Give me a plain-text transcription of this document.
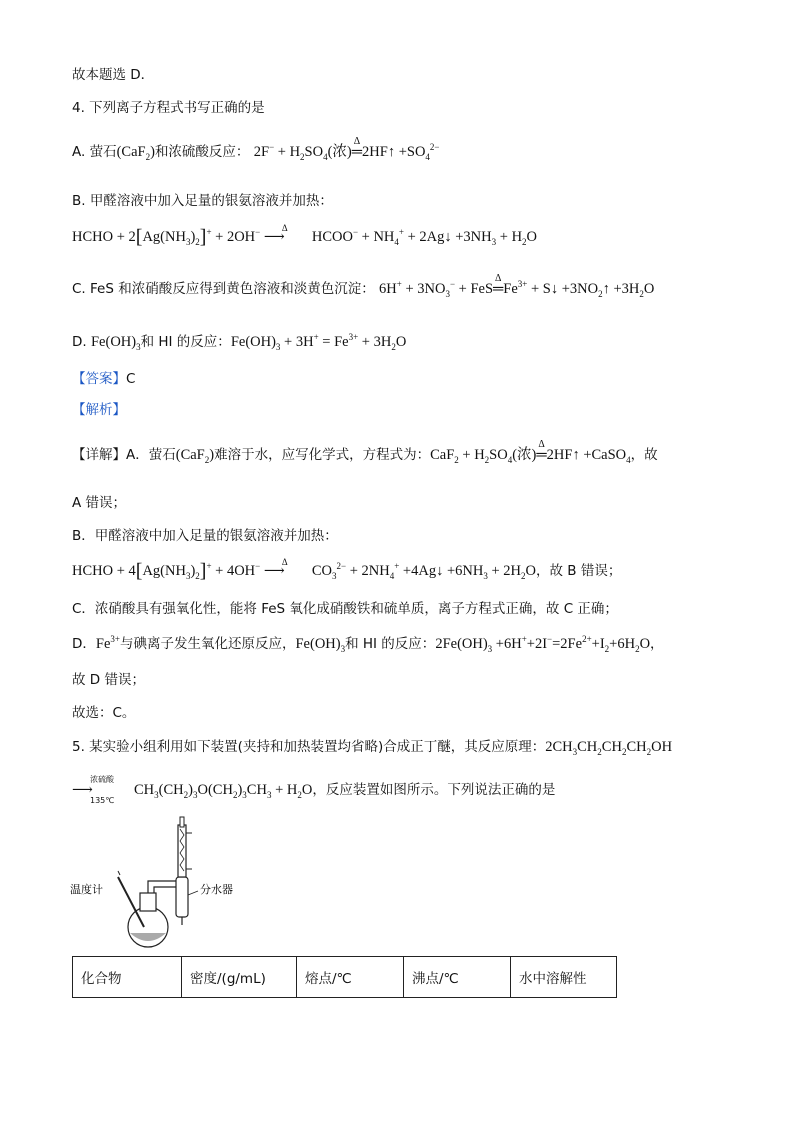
故本题选 D．
4. 下列离子方程式书写正确的是
A. 萤石(CaF$_2$)和浓硫酸反应： $2F^- + H_2SO_4$(浓)
Δ
═2HF↑ $+SO_4^{2-}$
B. 甲醛溶液中加入足量的银氨溶液并加热：
HCHO + $2[Ag(NH_3)_2]^+ + 2OH^-$ ⟶
Δ
HCOO− + $NH_4^+$ + 2Ag↓ $+3NH_3 + H_2O$
C. FeS 和浓硝酸反应得到黄色溶液和淡黄色沉淀： $6H^+ + 3NO_3^-$ + FeS
Δ
$═Fe^{3+}$ + S↓ $+3NO_2↑ +3H_2O$
D. $Fe(OH)_3$和 HI 的反应：$Fe(OH)_3 + 3H^+ = Fe^{3+} + 3H_2O$
【答案】C
【解析】
【详解】A．萤石(CaF$_2$)难溶于水，应写化学式，方程式为：$CaF_2 + H_2SO_4$(浓)
Δ
═2HF↑ +CaSO$_4$，故
A 错误；
B．甲醛溶液中加入足量的银氨溶液并加热：
HCHO + $4[Ag(NH_3)_2]^+ + 4OH^-$ ⟶
Δ
$CO_3^{2-} + 2NH_4^+$ +4Ag↓ $+6NH_3 + 2H_2O$，故 B 错误；
C．浓硝酸具有强氧化性，能将 FeS 氧化成硝酸铁和硫单质，离子方程式正确，故 C 正确；
D．$Fe^{3+}$与碘离子发生氧化还原反应，$Fe(OH)_3$和 HI 的反应：$2Fe(OH)_3 +6H^++2I^-=2Fe^{2+}+I_2+6H_2O$，
故 D 错误；
故选：C。
5. 某实验小组利用如下装置(夹持和加热装置均省略)合成正丁醚，其反应原理：$2CH_3CH_2CH_2CH_2OH$
浓硫酸
⟶
135℃
$CH_3(CH_2)_3O(CH_2)_3CH_3 + H_2O$，反应装置如图所示。下列说法正确的是
温度计	分水器
化合物	密度/(g/mL)	熔点/℃	沸点/℃	水中溶解性
